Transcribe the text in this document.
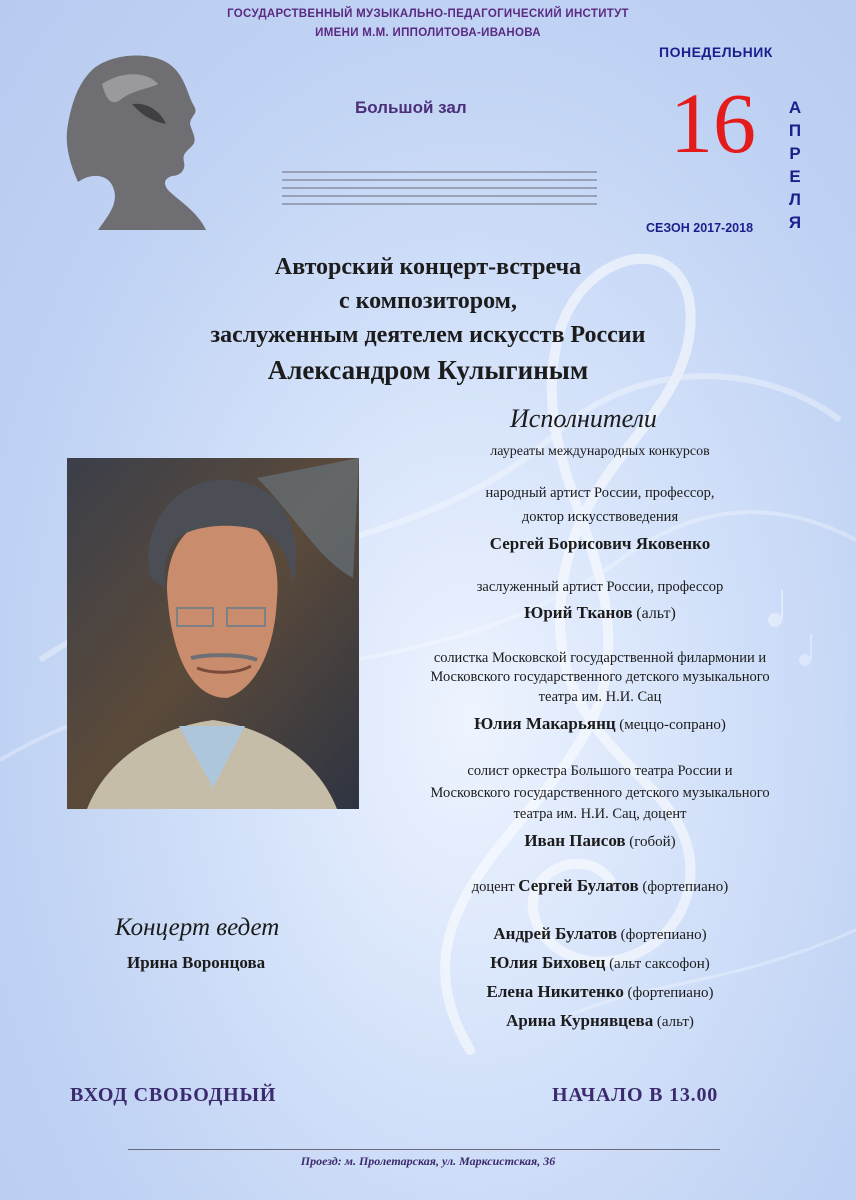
ГОСУДАРСТВЕННЫЙ МУЗЫКАЛЬНО-ПЕДАГОГИЧЕСКИЙ ИНСТИТУТ
ИМЕНИ М.М. ИППОЛИТОВА-ИВАНОВА
Большой зал
ПОНЕДЕЛЬНИК
16	А
П
Р
Е
Л
Я
СЕЗОН 2017-2018
Авторский концерт-встреча
с композитором,
заслуженным деятелем искусств России
Александром Кулыгиным
Исполнители
лауреаты международных конкурсов
народный артист России, профессор,
доктор искусствоведения
Сергей Борисович Яковенко
заслуженный артист России, профессор
Юрий Тканов (альт)
солистка Московской государственной филармонии и
Московского государственного детского музыкального
театра им. Н.И. Сац
Юлия Макарьянц (меццо-сопрано)
солист оркестра Большого театра России и
Московского государственного детского музыкального
театра им. Н.И. Сац, доцент
Иван Паисов (гобой)
доцент Сергей Булатов (фортепиано)
Андрей Булатов (фортепиано)
Юлия Биховец (альт саксофон)
Елена Никитенко (фортепиано)
Арина Курнявцева (альт)
Концерт ведет
Ирина Воронцова
ВХОД СВОБОДНЫЙ	НАЧАЛО В 13.00
Проезд: м. Пролетарская, ул. Марксистская, 36
